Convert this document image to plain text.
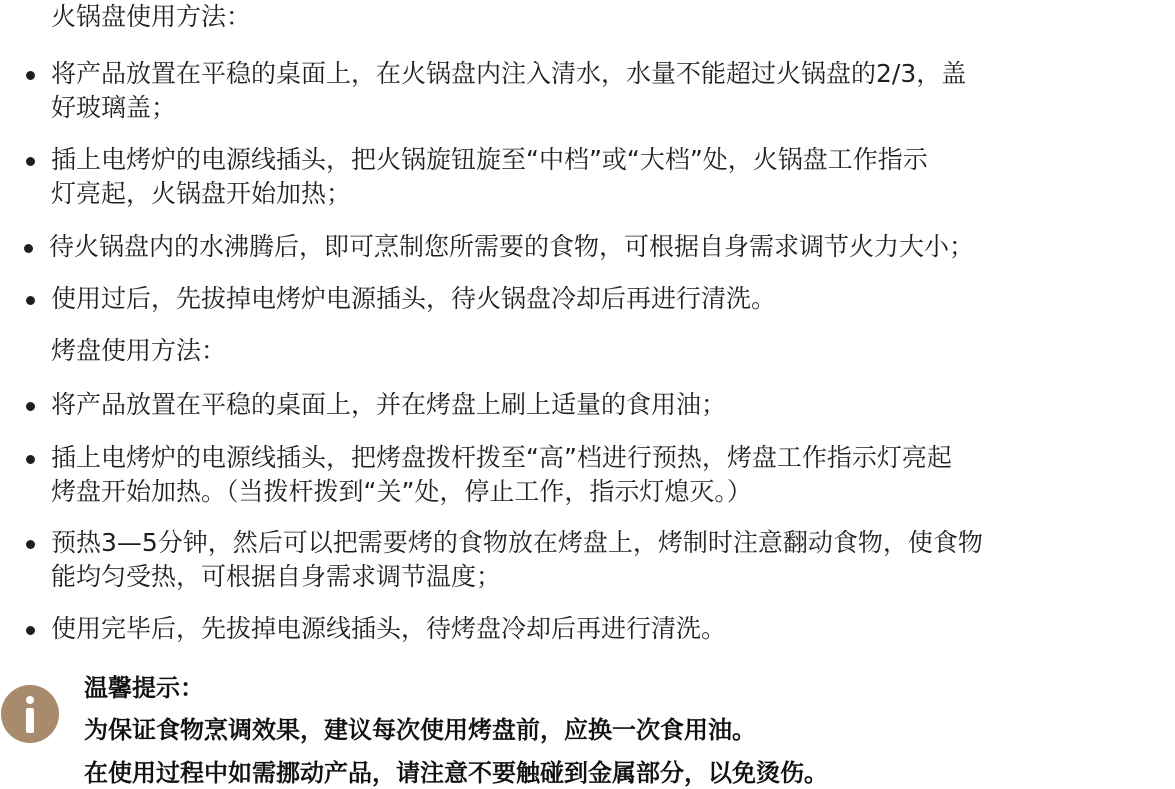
火锅盘使用方法：
将产品放置在平稳的桌面上，在火锅盘内注入清水，水量不能超过火锅盘的2/3，盖
好玻璃盖；
插上电烤炉的电源线插头，把火锅旋钮旋至“中档”或“大档”处，火锅盘工作指示
灯亮起，火锅盘开始加热；
待火锅盘内的水沸腾后，即可烹制您所需要的食物，可根据自身需求调节火力大小；
使用过后，先拔掉电烤炉电源插头，待火锅盘冷却后再进行清洗。
烤盘使用方法：
将产品放置在平稳的桌面上，并在烤盘上刷上适量的食用油；
插上电烤炉的电源线插头，把烤盘拨杆拨至“高”档进行预热，烤盘工作指示灯亮起
烤盘开始加热。（当拨杆拨到“关”处，停止工作，指示灯熄灭。）
预热3—5分钟，然后可以把需要烤的食物放在烤盘上，烤制时注意翻动食物，使食物
能均匀受热，可根据自身需求调节温度；
使用完毕后，先拔掉电源线插头，待烤盘冷却后再进行清洗。
温馨提示：
为保证食物烹调效果，建议每次使用烤盘前，应换一次食用油。
在使用过程中如需挪动产品，请注意不要触碰到金属部分，以免烫伤。
